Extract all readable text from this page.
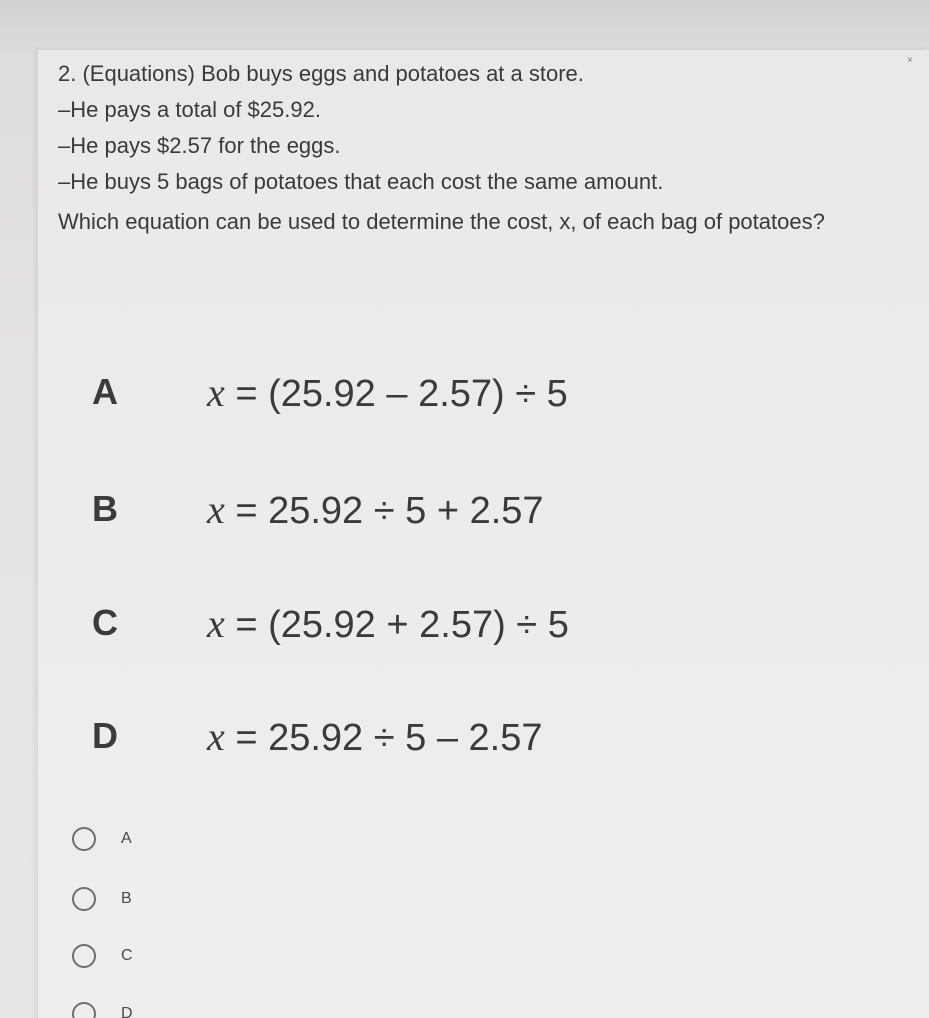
×
2. (Equations) Bob buys eggs and potatoes at a store.
–He pays a total of $25.92.
–He pays $2.57 for the eggs.
–He buys 5 bags of potatoes that each cost the same amount.
Which equation can be used to determine the cost, x, of each bag of potatoes?
A	x = (25.92 – 2.57) ÷ 5
B	x = 25.92 ÷ 5 + 2.57
C	x = (25.92 + 2.57) ÷ 5
D	x = 25.92 ÷ 5 – 2.57
A
B
C
D
